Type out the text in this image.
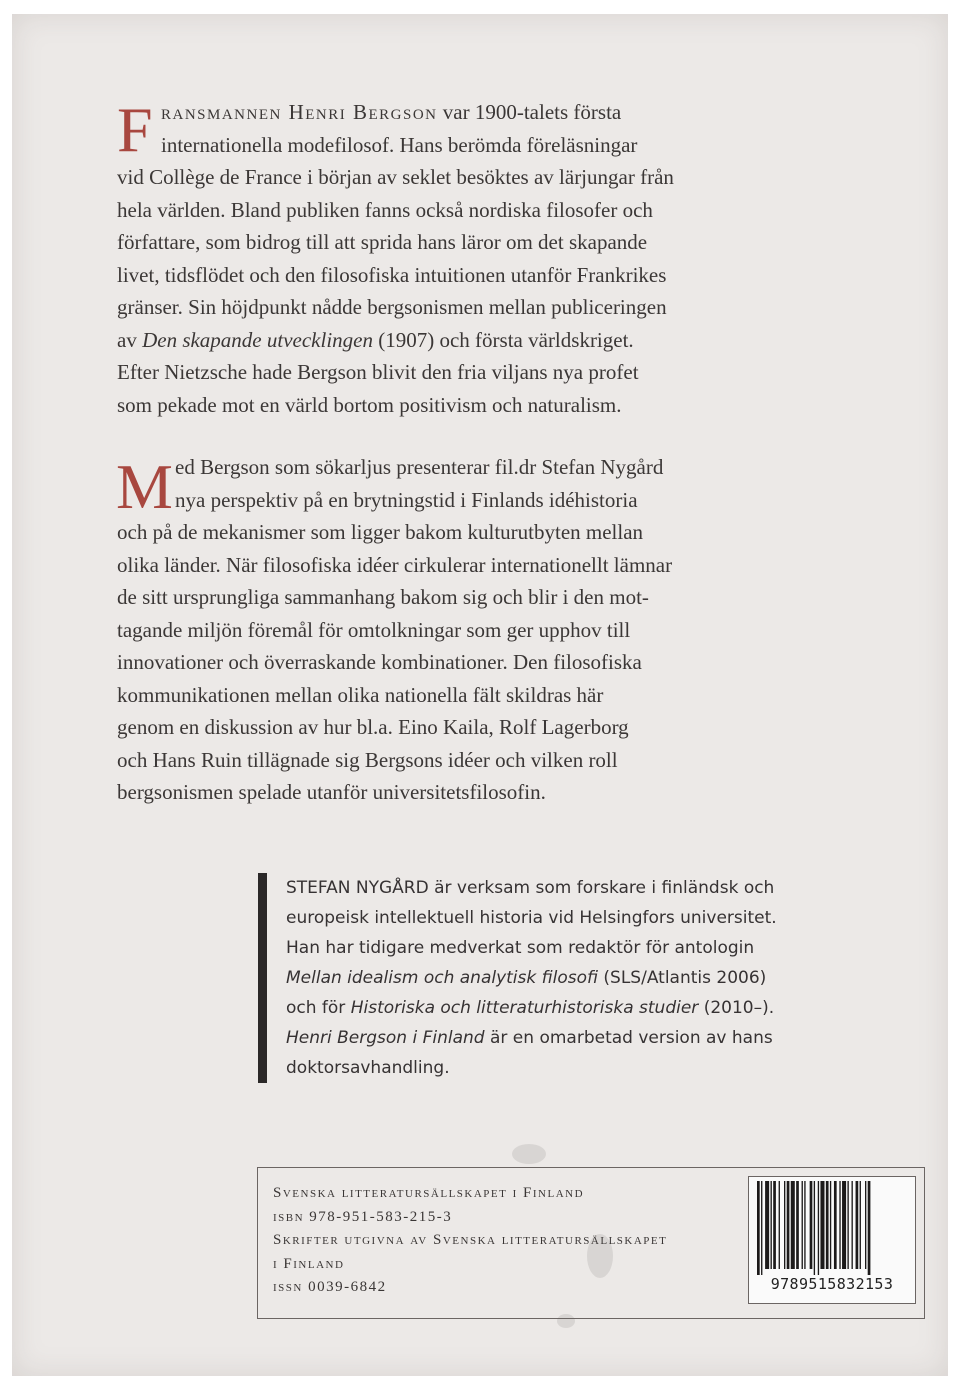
F ransmannen Henri Bergson var 1900-talets första
internationella modefilosof. Hans berömda föreläsningar
vid Collège de France i början av seklet besöktes av lärjungar från
hela världen. Bland publiken fanns också nordiska filosofer och
författare, som bidrog till att sprida hans läror om det skapande
livet, tidsflödet och den filosofiska intuitionen utanför Frankrikes
gränser. Sin höjdpunkt nådde bergsonismen mellan publiceringen
av Den skapande utvecklingen (1907) och första världskriget.
Efter Nietzsche hade Bergson blivit den fria viljans nya profet
som pekade mot en värld bortom positivism och naturalism.
M ed Bergson som sökarljus presenterar fil.dr Stefan Nygård
nya perspektiv på en brytningstid i Finlands idéhistoria
och på de mekanismer som ligger bakom kulturutbyten mellan
olika länder. När filosofiska idéer cirkulerar internationellt lämnar
de sitt ursprungliga sammanhang bakom sig och blir i den mot-
tagande miljön föremål för omtolkningar som ger upphov till
innovationer och överraskande kombinationer. Den filosofiska
kommunikationen mellan olika nationella fält skildras här
genom en diskussion av hur bl.a. Eino Kaila, Rolf Lagerborg
och Hans Ruin tillägnade sig Bergsons idéer och vilken roll
bergsonismen spelade utanför universitetsfilosofin.
STEFAN NYGÅRD är verksam som forskare i finländsk och
europeisk intellektuell historia vid Helsingfors universitet.
Han har tidigare medverkat som redaktör för antologin
Mellan idealism och analytisk filosofi (SLS/Atlantis 2006)
och för Historiska och litteraturhistoriska studier (2010–).
Henri Bergson i Finland är en omarbetad version av hans
doktorsavhandling.
Svenska litteratursällskapet i Finland
isbn 978-951-583-215-3
Skrifter utgivna av Svenska litteratursällskapet
i Finland
issn 0039-6842	9789515832153
